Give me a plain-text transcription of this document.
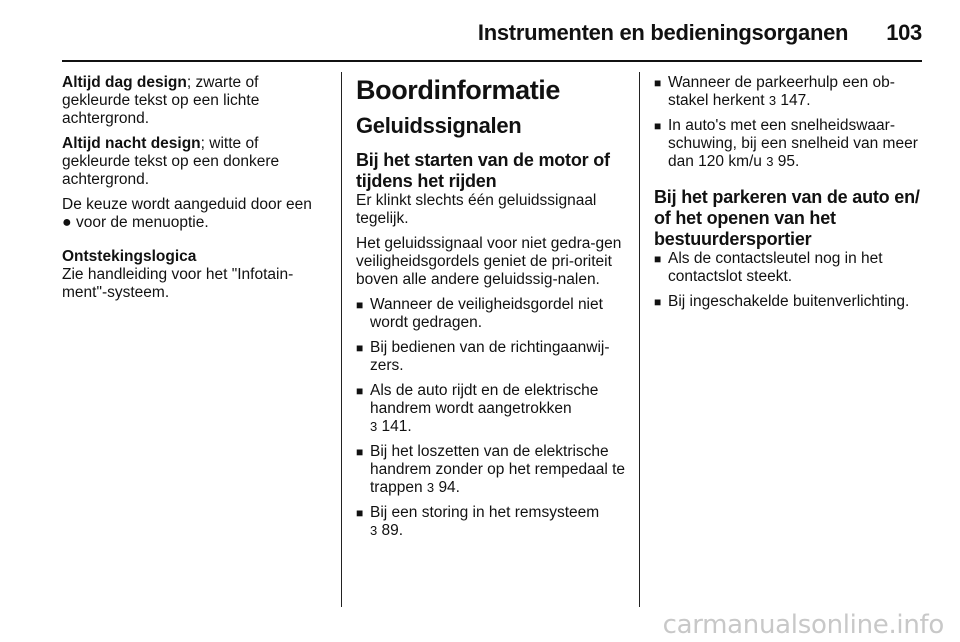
Instrumenten en bedieningsorganen 103

Altijd dag design; zwarte of gekleurde tekst op een lichte achtergrond.

Altijd nacht design; witte of gekleurde tekst op een donkere achtergrond.

De keuze wordt aangeduid door een
● voor de menuoptie.

Ontstekingslogica

Zie handleiding voor het "Infotain-ment"-systeem.

Boordinformatie
Geluidssignalen
Bij het starten van de motor of tijdens het rijden

Er klinkt slechts één geluidssignaal tegelijk.

Het geluidssignaal voor niet gedra-gen veiligheidsgordels geniet de pri-oriteit boven alle andere geluidssig-nalen.

■ Wanneer de veiligheidsgordel niet wordt gedragen.
■ Bij bedienen van de richtingaanwij-zers.
■ Als de auto rijdt en de elektrische handrem wordt aangetrokken
3 141.
■ Bij het loszetten van de elektrische handrem zonder op het rempedaal te trappen 3 94.
■ Bij een storing in het remsysteem
3 89.
■ Wanneer de parkeerhulp een ob-stakel herkent 3 147.
■ In auto's met een snelheidswaar-schuwing, bij een snelheid van meer dan 120 km/u 3 95.
Bij het parkeren van de auto en/ of het openen van het bestuurdersportier
■ Als de contactsleutel nog in het contactslot steekt.
■ Bij ingeschakelde buitenverlichting.
carmanualsonline.info
